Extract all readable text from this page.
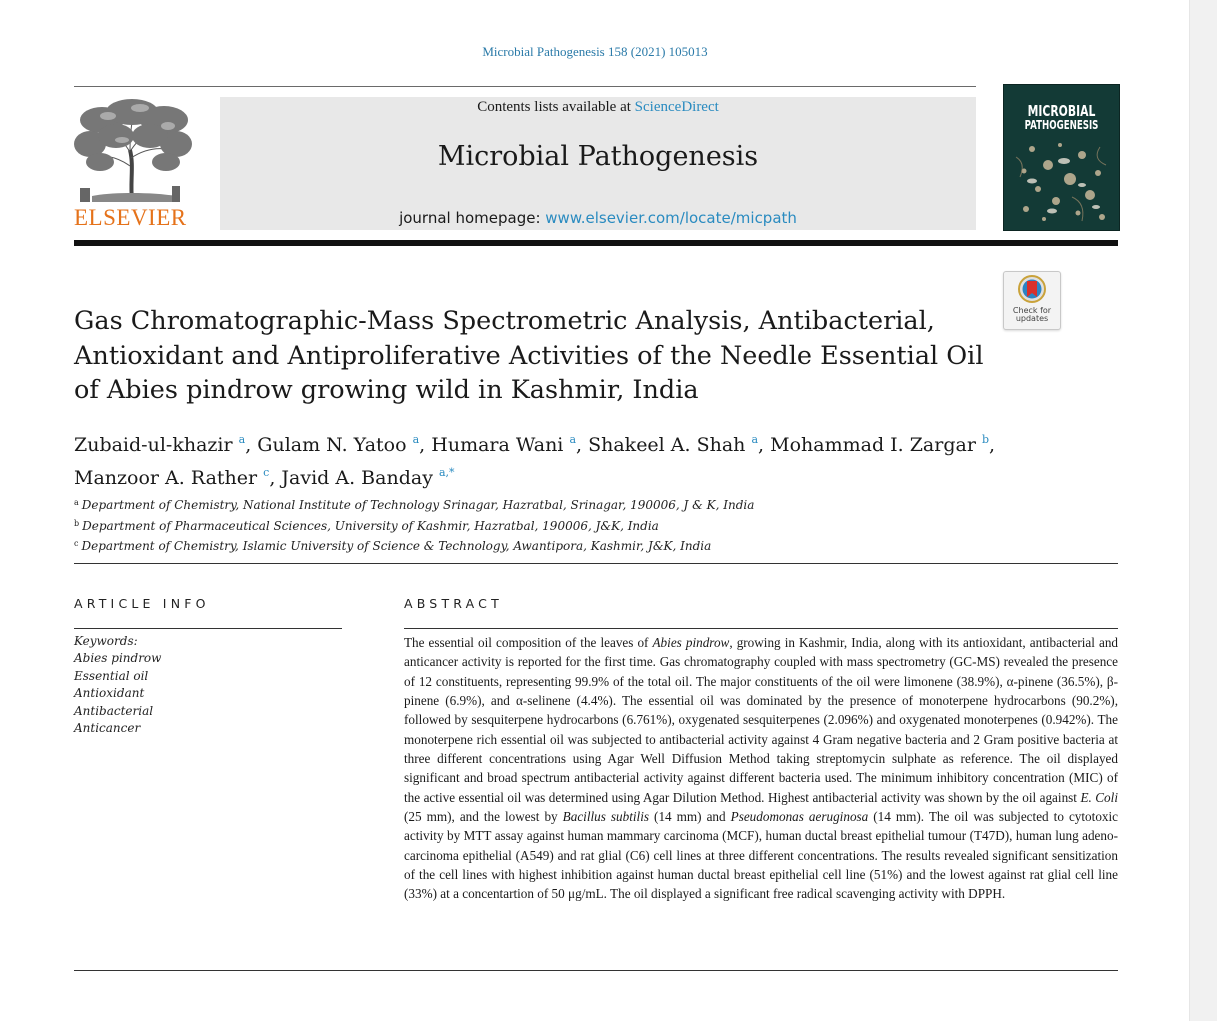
Microbial Pathogenesis 158 (2021) 105013
ELSEVIER
Contents lists available at ScienceDirect
Microbial Pathogenesis
journal homepage: www.elsevier.com/locate/micpath
MICROBIAL
PATHOGENESIS
Check for
updates
Gas Chromatographic-Mass Spectrometric Analysis, Antibacterial, Antioxidant and Antiproliferative Activities of the Needle Essential Oil of Abies pindrow growing wild in Kashmir, India
Zubaid-ul-khazir $^a$, Gulam N. Yatoo $^a$, Humara Wani $^a$, Shakeel A. Shah $^a$, Mohammad I. Zargar $^b$,
Manzoor A. Rather $^c$, Javid A. Banday $^{a,*}$
$^a$ Department of Chemistry, National Institute of Technology Srinagar, Hazratbal, Srinagar, 190006, J & K, India
$^b$ Department of Pharmaceutical Sciences, University of Kashmir, Hazratbal, 190006, J&K, India
$^c$ Department of Chemistry, Islamic University of Science & Technology, Awantipora, Kashmir, J&K, India
ARTICLE INFO	ABSTRACT
Keywords:
Abies pindrow
Essential oil
Antioxidant
Antibacterial
Anticancer
The essential oil composition of the leaves of Abies pindrow, growing in Kashmir, India, along with its antioxidant, antibacterial and anticancer activity is reported for the first time. Gas chromatography coupled with mass spectrometry (GC-MS) revealed the presence of 12 constituents, representing 99.9% of the total oil. The major constituents of the oil were limonene (38.9%), α-pinene (36.5%), β-pinene (6.9%), and α-selinene (4.4%). The essential oil was dominated by the presence of monoterpene hydrocarbons (90.2%), followed by sesquiterpene hydrocarbons (6.761%), oxygenated sesquiterpenes (2.096%) and oxygenated monoterpenes (0.942%). The monoterpene rich essential oil was subjected to antibacterial activity against 4 Gram negative bacteria and 2 Gram positive bacteria at three different concentrations using Agar Well Diffusion Method taking streptomycin sulphate as reference. The oil displayed significant and broad spectrum antibacterial activity against different bacteria used. The minimum inhibitory concentration (MIC) of the active essential oil was determined using Agar Dilution Method. Highest antibacterial activity was shown by the oil against E. Coli (25 mm), and the lowest by Bacillus subtilis (14 mm) and Pseudomonas aeruginosa (14 mm). The oil was subjected to cytotoxic activity by MTT assay against human mammary carcinoma (MCF), human ductal breast epithelial tumour (T47D), human lung adeno-carcinoma epithelial (A549) and rat glial (C6) cell lines at three different concentrations. The results revealed significant sensitization of the cell lines with highest inhibition against human ductal breast epithelial cell line (51%) and the lowest against rat glial cell line (33%) at a concentartion of 50 μg/mL. The oil displayed a significant free radical scavenging activity with DPPH.
